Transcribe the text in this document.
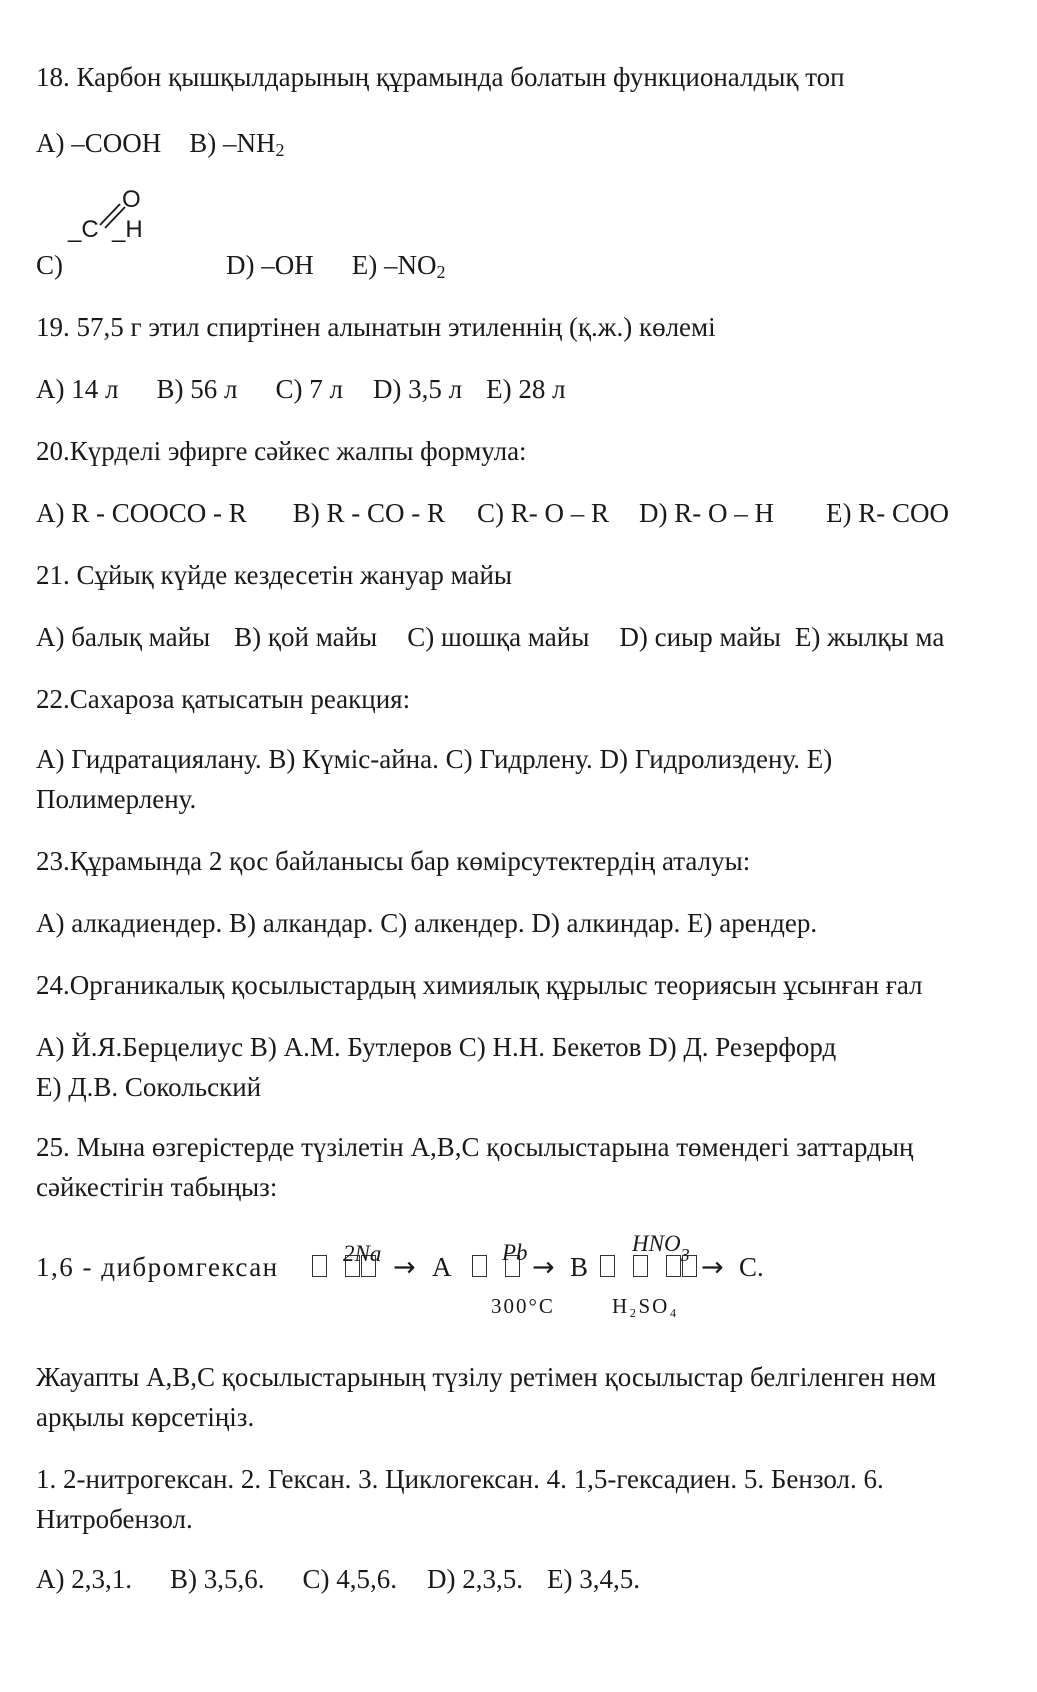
18. Карбон қышқылдарының құрамында болатын функционалдық топ
A) –COOH B) $-NH_2$
O
_C _H
C)	D) –OH E) $-NO_2$
19. 57,5 г этил спиртінен алынатын этиленнің (қ.ж.) көлемі
A) 14 л B) 56 л C) 7 л D) 3,5 л E) 28 л
20.Күрделі эфирге сәйкес жалпы формула:
A) R - COOCO - R B) R - CO - R C) R- O – R D) R- O – H E) R- COO
21. Сұйық күйде кездесетін жануар майы
A) балық майы B) қой майы C) шошқа майы D) сиыр майы E) жылқы ма
22.Сахароза қатысатын реакция:
A) Гидратациялану. B) Күміс-айна. C) Гидрлену. D) Гидролиздену. E)
Полимерлену.
23.Құрамында 2 қос байланысы бар көмірсутектердің аталуы:
A) алкадиендер. B) алкандар. C) алкендер. D) алкиндар. E) арендер.
24.Органикалық қосылыстардың химиялық құрылыс теориясын ұсынған ғал
A) Й.Я.Берцелиус B) А.М. Бутлеров C) Н.Н. Бекетов D) Д. Резерфорд
E) Д.В. Сокольский
25. Мына өзгерістерде түзілетін A,B,C қосылыстарына төмендегі заттардың
сәйкестігін табыңыз:
1,6 - дибромгексан	2Na → A Pb → B
300°C
$HNO_3 \to C$.
H₂SO₄
Жауапты A,B,C қосылыстарының түзілу ретімен қосылыстар белгіленген нөм
арқылы көрсетіңіз.
1. 2-нитрогексан. 2. Гексан. 3. Циклогексан. 4. 1,5-гексадиен. 5. Бензол. 6.
Нитробензол.
A) 2,3,1. B) 3,5,6. C) 4,5,6. D) 2,3,5. E) 3,4,5.
